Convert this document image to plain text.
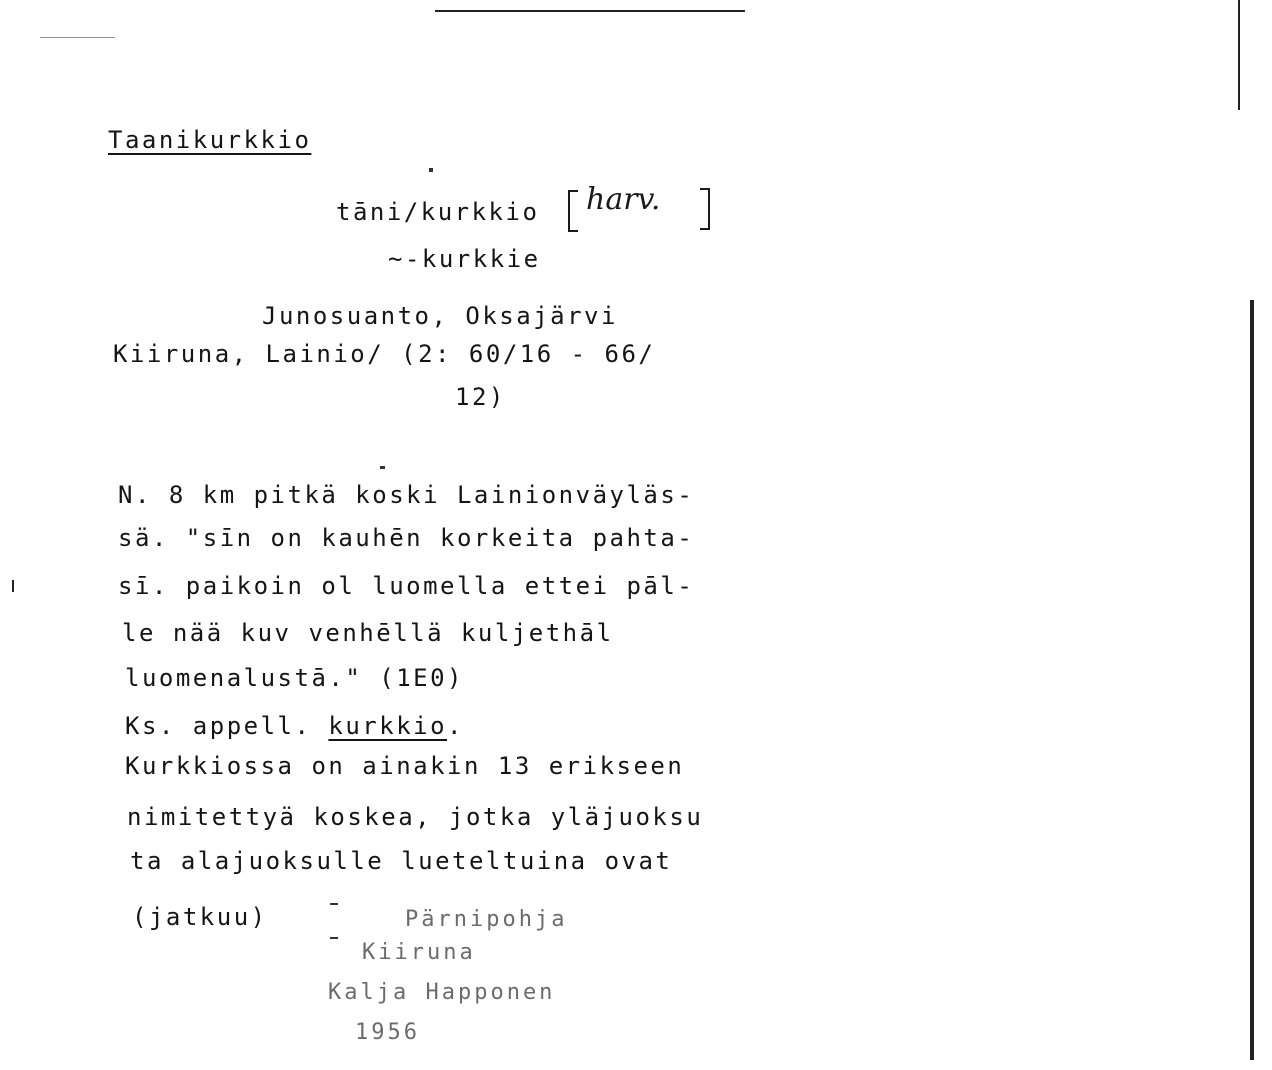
Taanikurkkio
tāni/kurkkio harv.
~-kurkkie
Junosuanto, Oksajärvi
Kiiruna, Lainio/ (2: 60/16 - 66/
12)
N. 8 km pitkä koski Lainionväyläs-
sä. "sīn on kauhēn korkeita pahta-
sī. paikoin ol luomella ettei pāl-
le nää kuv venhēllä kuljethāl
luomenalustā." (1E0)
Ks. appell. kurkkio.
Kurkkiossa on ainakin 13 erikseen
nimitettyä koskea, jotka yläjuoksu
ta alajuoksulle lueteltuina ovat
(jatkuu)	Pärnipohja
Kiiruna
Kalja Happonen
1956
